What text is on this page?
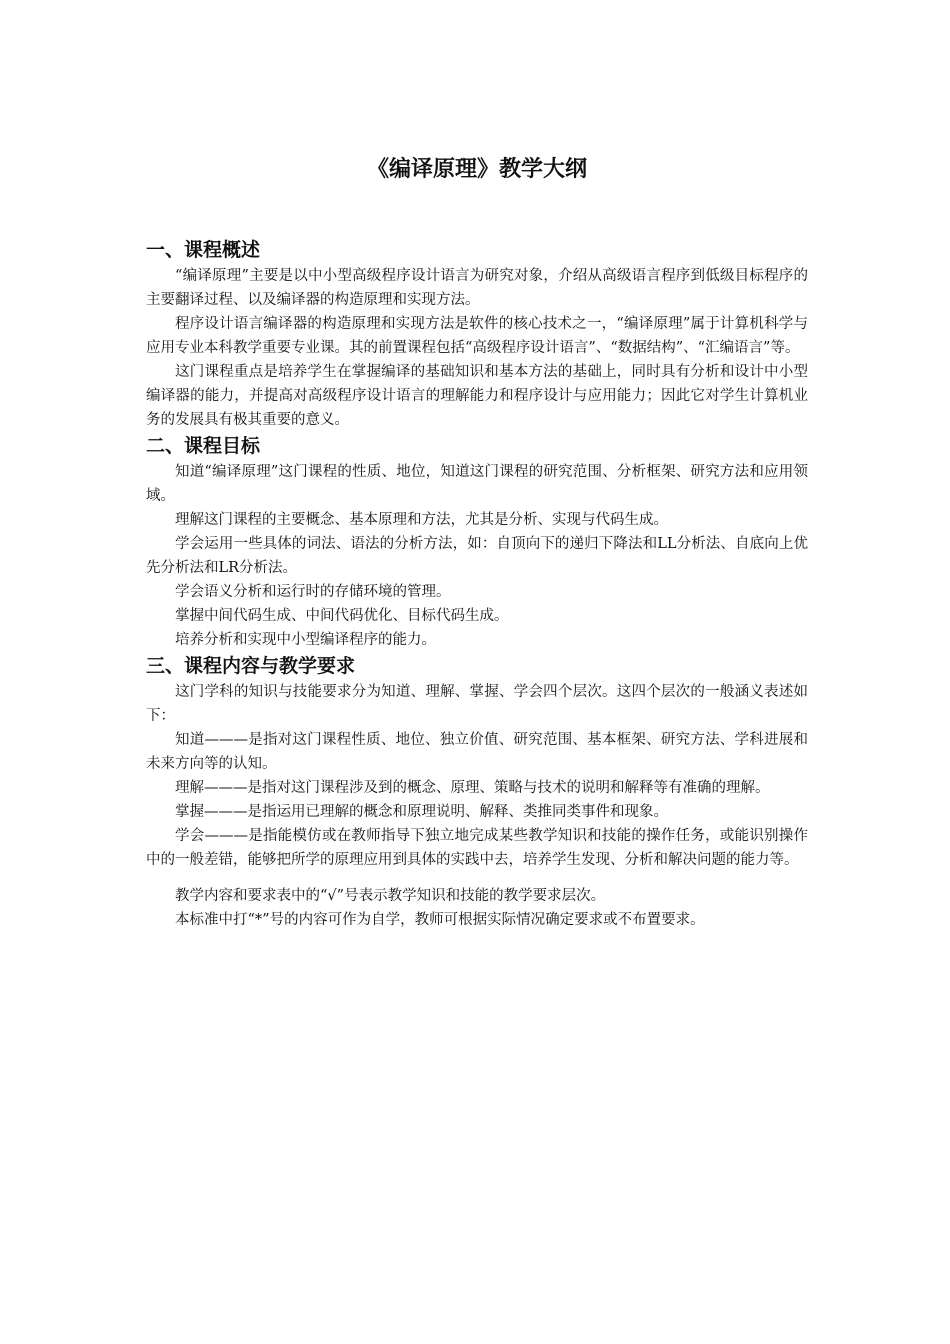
《编译原理》教学大纲
一、课程概述

“编译原理”主要是以中小型高级程序设计语言为研究对象，介绍从高级语言程序到低级目标程序的主要翻译过程、以及编译器的构造原理和实现方法。

程序设计语言编译器的构造原理和实现方法是软件的核心技术之一，“编译原理”属于计算机科学与应用专业本科教学重要专业课。其的前置课程包括“高级程序设计语言”、“数据结构”、“汇编语言”等。

这门课程重点是培养学生在掌握编译的基础知识和基本方法的基础上，同时具有分析和设计中小型编译器的能力，并提高对高级程序设计语言的理解能力和程序设计与应用能力；因此它对学生计算机业务的发展具有极其重要的意义。

二、课程目标

知道“编译原理”这门课程的性质、地位，知道这门课程的研究范围、分析框架、研究方法和应用领域。

理解这门课程的主要概念、基本原理和方法，尤其是分析、实现与代码生成。

学会运用一些具体的词法、语法的分析方法，如：自顶向下的递归下降法和LL分析法、自底向上优先分析法和LR分析法。

学会语义分析和运行时的存储环境的管理。

掌握中间代码生成、中间代码优化、目标代码生成。

培养分析和实现中小型编译程序的能力。

三、课程内容与教学要求

这门学科的知识与技能要求分为知道、理解、掌握、学会四个层次。这四个层次的一般涵义表述如下：

知道———是指对这门课程性质、地位、独立价值、研究范围、基本框架、研究方法、学科进展和未来方向等的认知。

理解———是指对这门课程涉及到的概念、原理、策略与技术的说明和解释等有准确的理解。

掌握———是指运用已理解的概念和原理说明、解释、类推同类事件和现象。

学会———是指能模仿或在教师指导下独立地完成某些教学知识和技能的操作任务，或能识别操作中的一般差错，能够把所学的原理应用到具体的实践中去，培养学生发现、分析和解决问题的能力等。

教学内容和要求表中的“√”号表示教学知识和技能的教学要求层次。

本标准中打“*”号的内容可作为自学，教师可根据实际情况确定要求或不布置要求。
